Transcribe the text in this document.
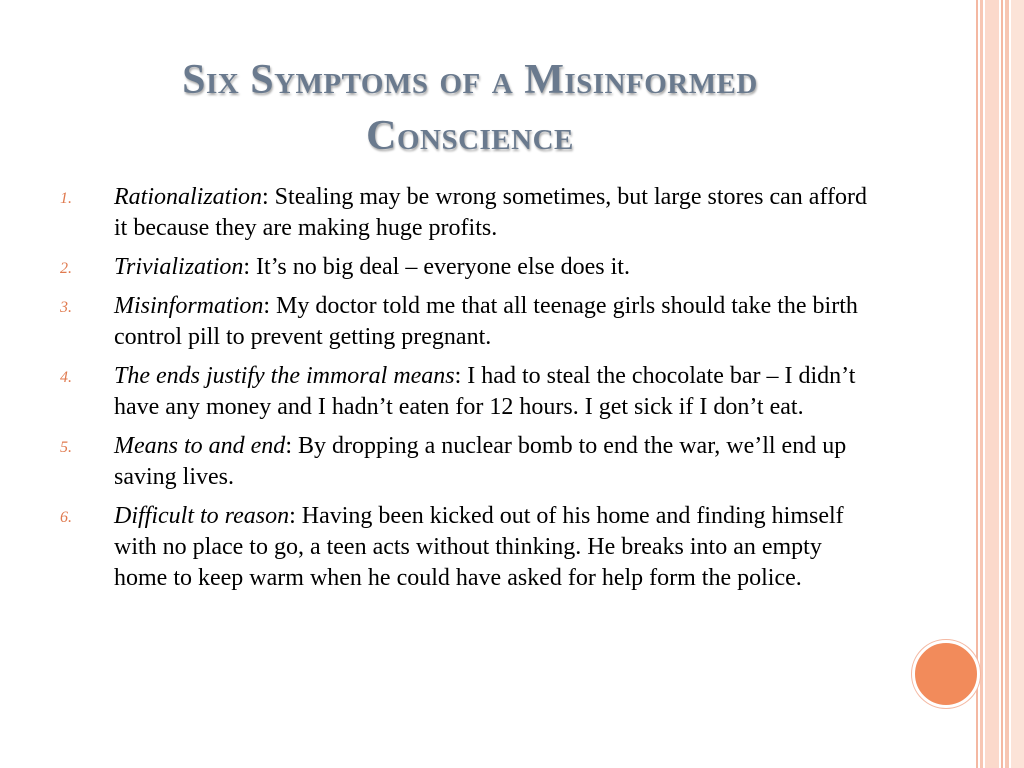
Six Symptoms of a Misinformed Conscience
1. Rationalization: Stealing may be wrong sometimes, but large stores can afford it because they are making huge profits.
2. Trivialization: It’s no big deal – everyone else does it.
3. Misinformation: My doctor told me that all teenage girls should take the birth control pill to prevent getting pregnant.
4. The ends justify the immoral means: I had to steal the chocolate bar – I didn’t have any money and I hadn’t eaten for 12 hours. I get sick if I don’t eat.
5. Means to and end: By dropping a nuclear bomb to end the war, we’ll end up saving lives.
6. Difficult to reason: Having been kicked out of his home and finding himself with no place to go, a teen acts without thinking. He breaks into an empty home to keep warm when he could have asked for help form the police.
